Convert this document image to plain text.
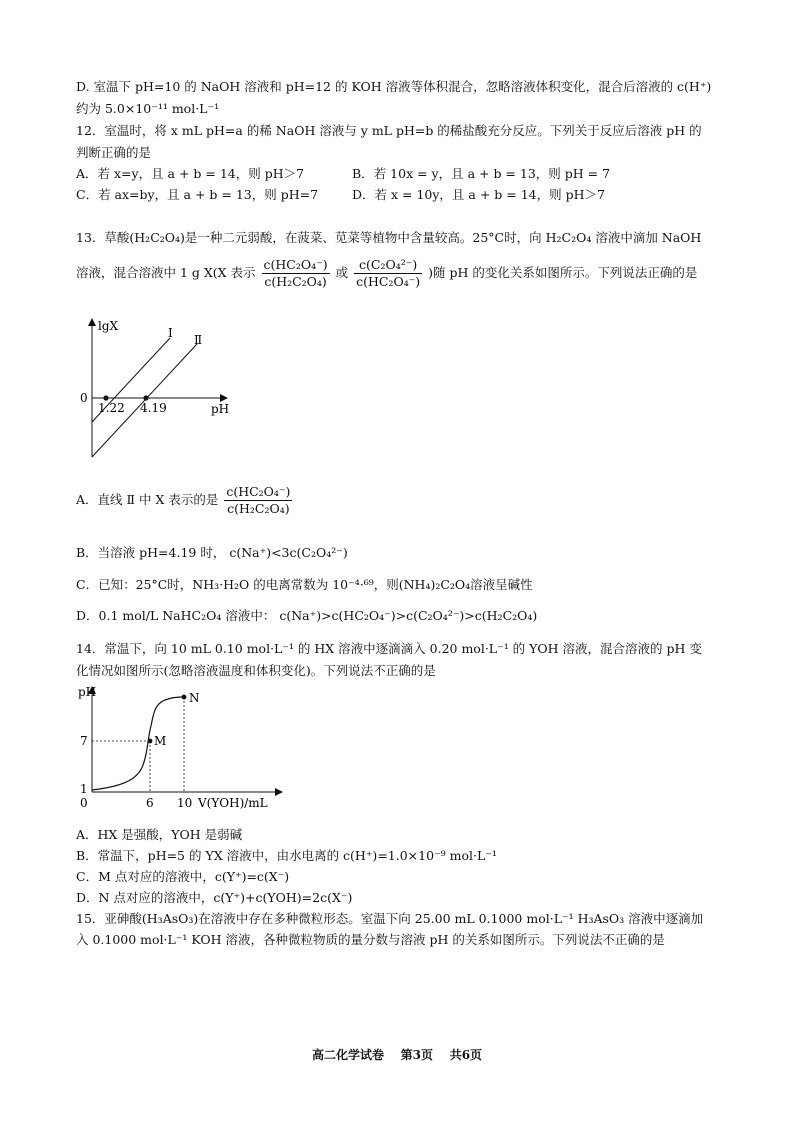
D. 室温下 pH=10 的 NaOH 溶液和 pH=12 的 KOH 溶液等体积混合，忽略溶液体积变化，混合后溶液的 c(H⁺)
约为 5.0×10⁻¹¹ mol·L⁻¹
12．室温时，将 x mL pH=a 的稀 NaOH 溶液与 y mL pH=b 的稀盐酸充分反应。下列关于反应后溶液 pH 的
判断正确的是
A．若 x=y，且 a + b = 14，则 pH＞7	B．若 10x = y，且 a + b = 13，则 pH = 7
C．若 ax=by，且 a + b = 13，则 pH=7	D．若 x = 10y，且 a + b = 14，则 pH＞7
13．草酸(H₂C₂O₄)是一种二元弱酸，在菠菜、苋菜等植物中含量较高。25°C时，向 H₂C₂O₄ 溶液中滴加 NaOH
溶液，混合溶液中 1 g X(X 表示 $\frac{\text{c(HC₂O₄⁻)}}{\text{c(H₂C₂O₄)}}$ 或 $\frac{\text{c(C₂O₄²⁻)}}{\text{c(HC₂O₄⁻)}}$ )随 pH 的变化关系如图所示。下列说法正确的是
lgX
pH
0
I Ⅱ
1.22 4.19
A．直线 Ⅱ 中 X 表示的是 $\frac{\text{c(HC₂O₄⁻)}}{\text{c(H₂C₂O₄)}}$
B．当溶液 pH=4.19 时， c(Na⁺)<3c(C₂O₄²⁻)
C．已知：25°C时，NH₃·H₂O 的电离常数为 10⁻⁴·⁶⁹，则(NH₄)₂C₂O₄溶液呈碱性
D．0.1 mol/L NaHC₂O₄ 溶液中： c(Na⁺)>c(HC₂O₄⁻)>c(C₂O₄²⁻)>c(H₂C₂O₄)
14．常温下，向 10 mL 0.10 mol·L⁻¹ 的 HX 溶液中逐滴滴入 0.20 mol·L⁻¹ 的 YOH 溶液，混合溶液的 pH 变
化情况如图所示(忽略溶液温度和体积变化)。下列说法不正确的是
pH	N
M
7
1
0	6 10 V(YOH)/mL
A．HX 是强酸，YOH 是弱碱
B．常温下，pH=5 的 YX 溶液中，由水电离的 c(H⁺)=1.0×10⁻⁹ mol·L⁻¹
C．M 点对应的溶液中，c(Y⁺)=c(X⁻)
D．N 点对应的溶液中，c(Y⁺)+c(YOH)=2c(X⁻)
15．亚砷酸(H₃AsO₃)在溶液中存在多种微粒形态。室温下向 25.00 mL 0.1000 mol·L⁻¹ H₃AsO₃ 溶液中逐滴加
入 0.1000 mol·L⁻¹ KOH 溶液，各种微粒物质的量分数与溶液 pH 的关系如图所示。下列说法不正确的是
高二化学试卷    第3页    共6页
